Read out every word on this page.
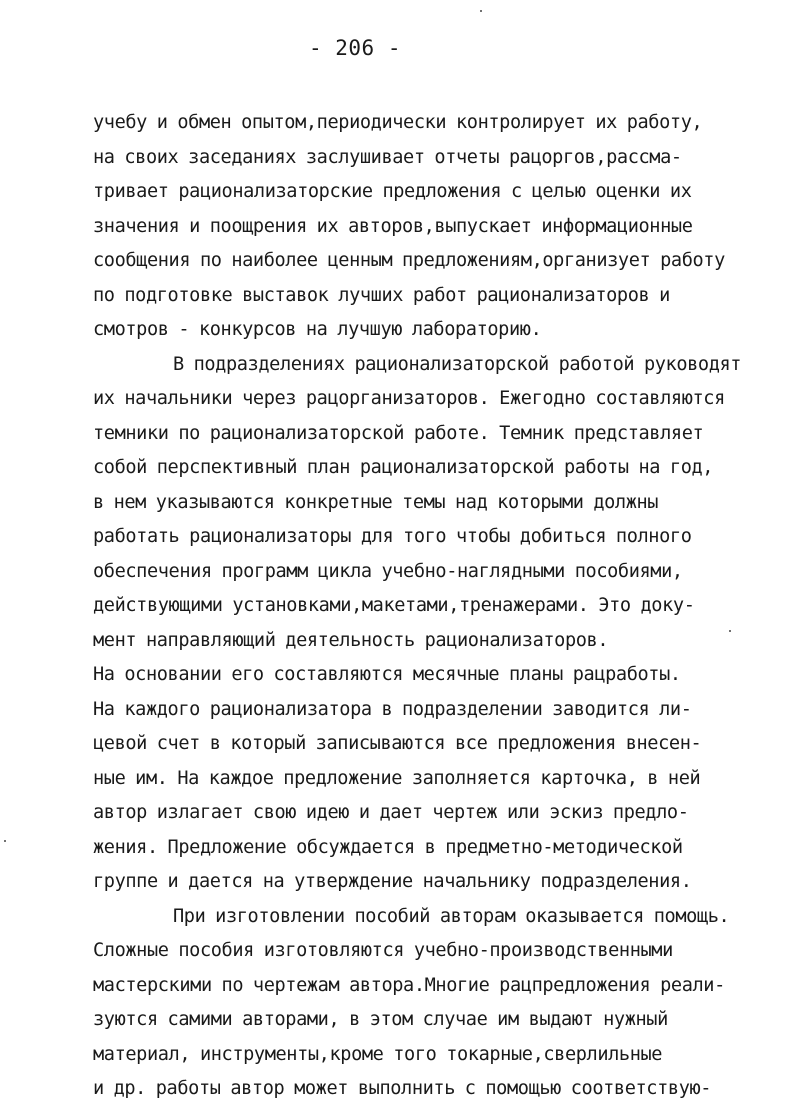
- 206 -
учебу и обмен опытом,периодически контролирует их работу,
на своих заседаниях заслушивает отчеты рацоргов,рассма-
тривает рационализаторские предложения с целью оценки их
значения и поощрения их авторов,выпускает информационные
сообщения по наиболее ценным предложениям,организует работу
по подготовке выставок лучших работ рационализаторов и
смотров - конкурсов на лучшую лабораторию.
В подразделениях рационализаторской работой руководят
их начальники через рацорганизаторов. Ежегодно составляются
темники по рационализаторской работе. Темник представляет
собой перспективный план рационализаторской работы на год,
в нем указываются конкретные темы над которыми должны
работать рационализаторы для того чтобы добиться полного
обеспечения программ цикла учебно-наглядными пособиями,
действующими установками,макетами,тренажерами. Это доку-
мент направляющий деятельность рационализаторов.
На основании его составляются месячные планы рацработы.
На каждого рационализатора в подразделении заводится ли-
цевой счет в который записываются все предложения внесен-
ные им. На каждое предложение заполняется карточка, в ней
автор излагает свою идею и дает чертеж или эскиз предло-
жения. Предложение обсуждается в предметно-методической
группе и дается на утверждение начальнику подразделения.
При изготовлении пособий авторам оказывается помощь.
Сложные пособия изготовляются учебно-производственными
мастерскими по чертежам автора.Многие рацпредложения реали-
зуются самими авторами, в этом случае им выдают нужный
материал, инструменты,кроме того токарные,сверлильные
и др. работы автор может выполнить с помощью соответствую-
